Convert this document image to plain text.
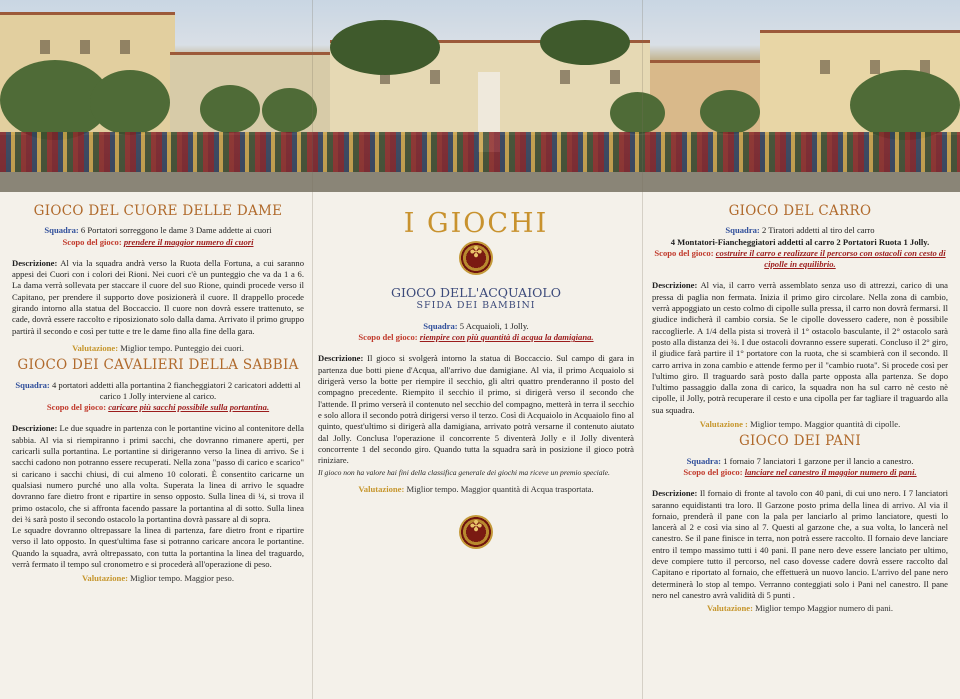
GIOCO DEL CUORE DELLE DAME
Squadra: 6 Portatori sorreggono le dame 3 Dame addette ai cuori
Scopo del gioco: prendere il maggior numero di cuori

Descrizione: Al via la squadra andrà verso la Ruota della Fortuna, a cui saranno appesi dei Cuori con i colori dei Rioni. Nei cuori c'è un punteggio che va da 1 a 6. La dama verrà sollevata per staccare il cuore del suo Rione, quindi procede verso il Capitano, per prendere il supporto dove posizionerà il cuore. Il drappello procede girando intorno alla statua del Boccaccio. Il cuore non dovrà essere trattenuto, se cade, dovrà essere raccolto e riposizionato solo dalla dama. Arrivato il primo gruppo partirà il secondo e così per tutte e tre le dame fino alla fine della gara.

Valutazione: Miglior tempo. Punteggio dei cuori.
GIOCO DEI CAVALIERI DELLA SABBIA
Squadra: 4 portatori addetti alla portantina 2 fiancheggiatori 2 caricatori addetti al carico 1 Jolly interviene al carico.
Scopo del gioco: caricare più sacchi possibile sulla portantina.

Descrizione: Le due squadre in partenza con le portantine vicino al contenitore della sabbia. Al via si riempiranno i primi sacchi, che dovranno rimanere aperti, per caricarli sulla portantina. Le portantine si dirigeranno verso la linea di arrivo. Se i sacchi cadono non potranno essere recuperati. Nella zona "passo di carico e scarico" si caricano i sacchi chiusi, di cui almeno 10 colorati. È consentito caricarne un qualsiasi numero purché uno alla volta. Superata la linea di arrivo le squadre dovranno fare dietro front e ripartire in senso opposto. Sulla linea di ¼, si trova il primo ostacolo, che si affronta facendo passare la portantina al di sotto. Sulla linea dei ¾ sarà posto il secondo ostacolo la portantina dovrà passare al di sopra.

Le squadre dovranno oltrepassare la linea di partenza, fare dietro front e ripartire verso il lato opposto. In quest'ultima fase si potranno caricare ancora le portantine. Quando la squadra, avrà oltrepassato, con tutta la portantina la linea del traguardo, verrà fermato il tempo sul cronometro e si procederà all'operazione di peso.

Valutazione: Miglior tempo. Maggior peso.
I GIOCHI
✤
GIOCO DELL'ACQUAIOLO
SFIDA DEI BAMBINI
Squadra: 5 Acquaioli, 1 Jolly.
Scopo del gioco: riempire con più quantità di acqua la damigiana.

Descrizione: Il gioco si svolgerà intorno la statua di Boccaccio. Sul campo di gara in partenza due botti piene d'Acqua, all'arrivo due damigiane. Al via, il primo Acquaiolo si dirigerà verso la botte per riempire il secchio, gli altri quattro prenderanno il posto del compagno precedente. Riempito il secchio il primo, si dirigerà verso il secondo che l'attende. Il primo verserà il contenuto nel secchio del compagno, metterà in terra il secchio e solo allora il secondo potrà dirigersi verso il terzo. Così di Acquaiolo in Acquaiolo fino al quinto, quest'ultimo si dirigerà alla damigiana, arrivato potrà versarne il contenuto aiutato dal Jolly. Conclusa l'operazione il concorrente 5 diventerà Jolly e il Jolly diventerà concorrente 1 del secondo giro. Quando tutta la squadra sarà in posizione il gioco potrà riniziare.

Il gioco non ha valore hai fini della classifica generale dei giochi ma riceve un premio speciale.
Valutazione: Miglior tempo. Maggior quantità di Acqua trasportata.
✤
GIOCO DEL CARRO
Squadra: 2 Tiratori addetti al tiro del carro
4 Montatori-Fiancheggiatori addetti al carro 2 Portatori Ruota 1 Jolly.
Scopo del gioco: costruire il carro e realizzare il percorso con ostacoli con cesto di cipolle in equilibrio.

Descrizione: Al via, il carro verrà assemblato senza uso di attrezzi, carico di una pressa di paglia non fermata. Inizia il primo giro circolare. Nella zona di cambio, verrà appoggiato un cesto colmo di cipolle sulla pressa, il carro non dovrà fermarsi. Il giudice indicherà il cambio corsia. Se le cipolle dovessero cadere, non è possibile raccoglierle. A 1/4 della pista si troverà il 1° ostacolo basculante, il 2° ostacolo sarà posto alla distanza dei ¾. I due ostacoli dovranno essere superati. Concluso il 2° giro, il giudice farà partire il 1° portatore con la ruota, che si scambierà con il secondo. Il carro arriva in zona cambio e attende fermo per il "cambio ruota". Si procede così per l'ultimo giro. Il traguardo sarà posto dalla parte opposta alla partenza. Se dopo l'ultimo passaggio dalla zona di carico, la squadra non ha sul carro nè cesto nè cipolle, il Jolly, potrà recuperare il cesto e una cipolla per far tagliare il traguardo alla sua squadra.

Valutazione : Miglior tempo. Maggior quantità di cipolle.
GIOCO DEI PANI
Squadra: 1 fornaio 7 lanciatori 1 garzone per il lancio a canestro.
Scopo del gioco: lanciare nel canestro il maggior numero di pani.

Descrizione: Il fornaio di fronte al tavolo con 40 pani, di cui uno nero. I 7 lanciatori saranno equidistanti tra loro. Il Garzone posto prima della linea di arrivo. Al via il fornaio, prenderà il pane con la pala per lanciarlo al primo lanciatore, questi lo lancerà al 2 e così via sino al 7. Questi al garzone che, a sua volta, lo lancerà nel canestro. Se il pane finisce in terra, non potrà essere raccolto. Il fornaio deve lanciare entro il tempo massimo tutti i 40 pani. Il pane nero deve essere lanciato per ultimo, deve compiere tutto il percorso, nel caso dovesse cadere dovrà essere raccolto dal Capitano e riportato al fornaio, che effettuerà un nuovo lancio. L'arrivo del pane nero determinerà lo stop al tempo. Verranno conteggiati solo i Pani nel canestro. Il pane nero nel canestro avrà validità di 5 punti .

Valutazione: Miglior tempo Maggior numero di pani.
